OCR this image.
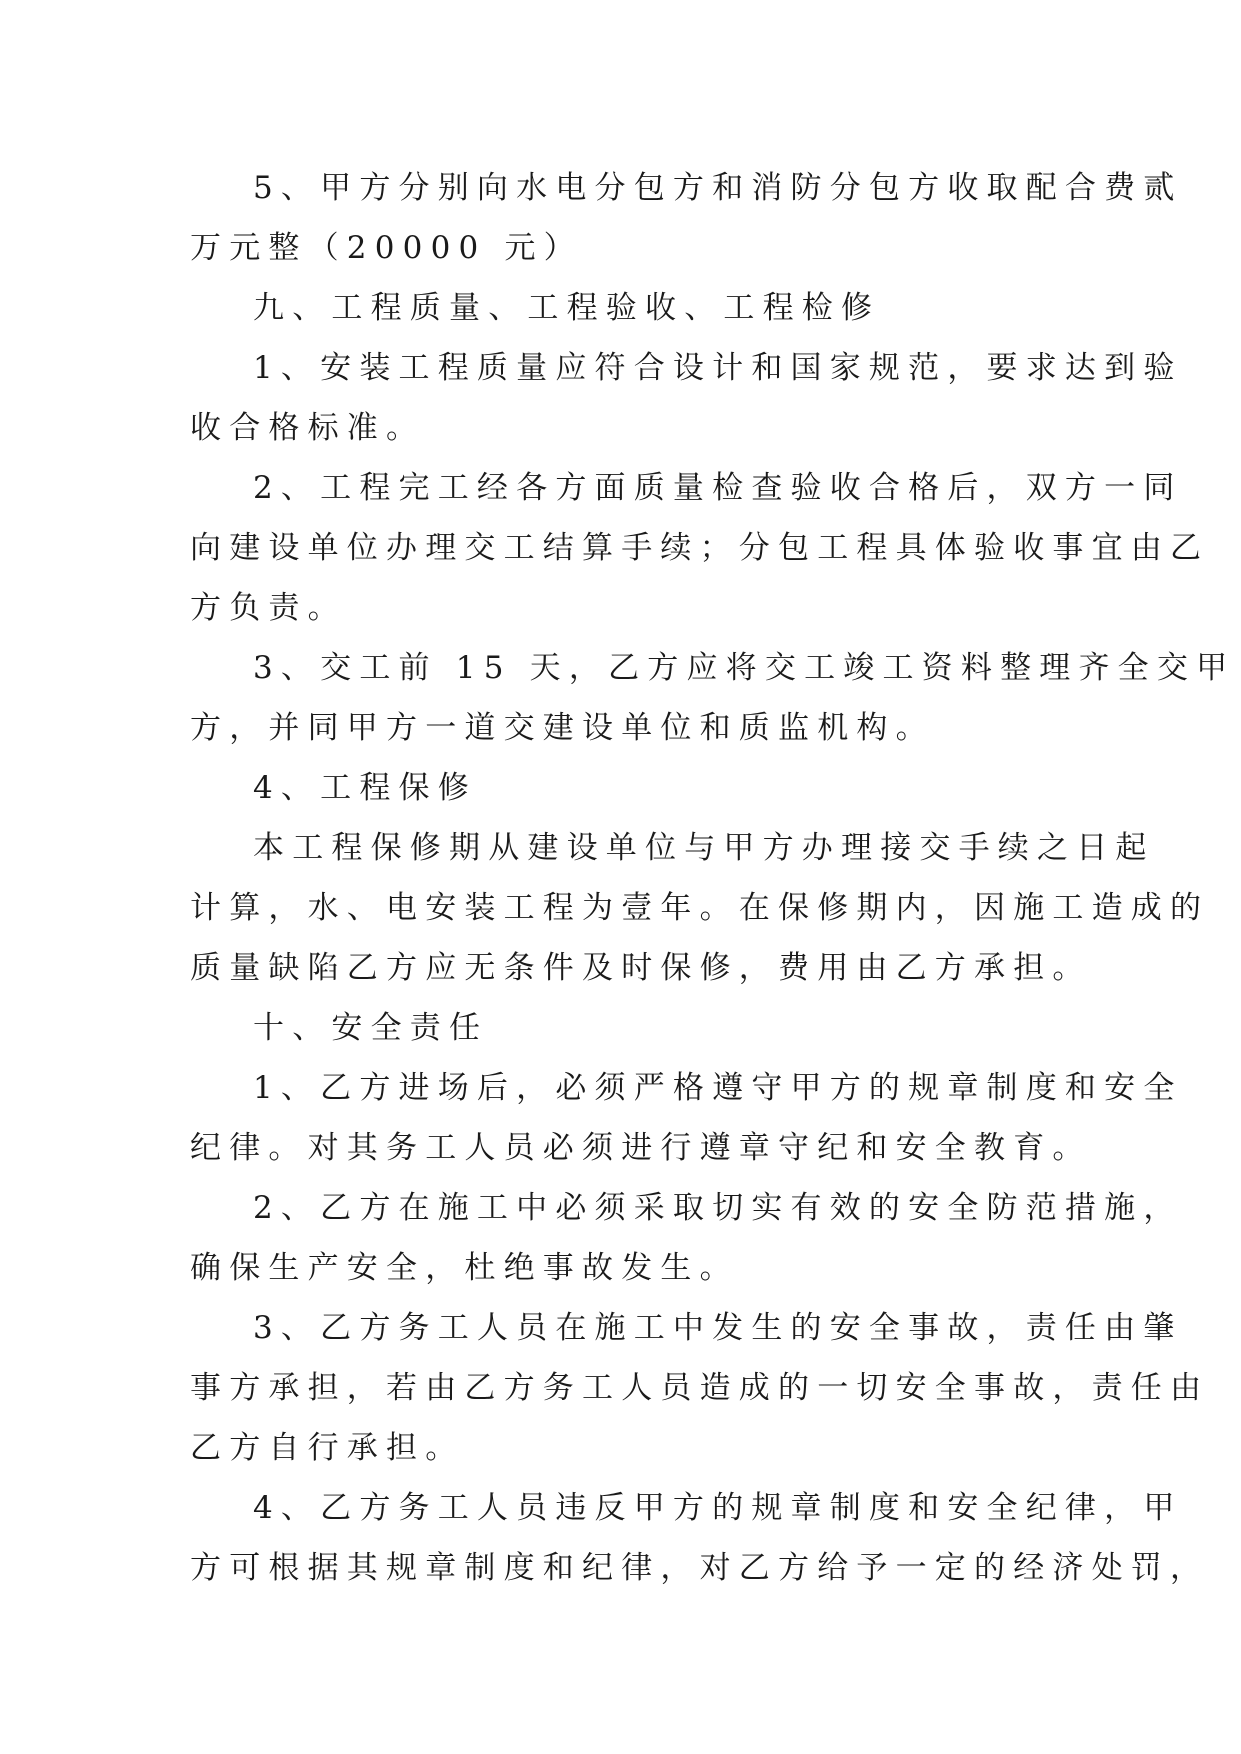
5、甲方分别向水电分包方和消防分包方收取配合费贰
万元整（20000 元）
九、工程质量、工程验收、工程检修
1、安装工程质量应符合设计和国家规范，要求达到验
收合格标准。
2、工程完工经各方面质量检查验收合格后，双方一同
向建设单位办理交工结算手续；分包工程具体验收事宜由乙
方负责。
3、交工前 15 天，乙方应将交工竣工资料整理齐全交甲
方，并同甲方一道交建设单位和质监机构。
4、工程保修
本工程保修期从建设单位与甲方办理接交手续之日起
计算，水、电安装工程为壹年。在保修期内，因施工造成的
质量缺陷乙方应无条件及时保修，费用由乙方承担。
十、安全责任
1、乙方进场后，必须严格遵守甲方的规章制度和安全
纪律。对其务工人员必须进行遵章守纪和安全教育。
2、乙方在施工中必须采取切实有效的安全防范措施，
确保生产安全，杜绝事故发生。
3、乙方务工人员在施工中发生的安全事故，责任由肇
事方承担，若由乙方务工人员造成的一切安全事故，责任由
乙方自行承担。
4、乙方务工人员违反甲方的规章制度和安全纪律，甲
方可根据其规章制度和纪律，对乙方给予一定的经济处罚，
